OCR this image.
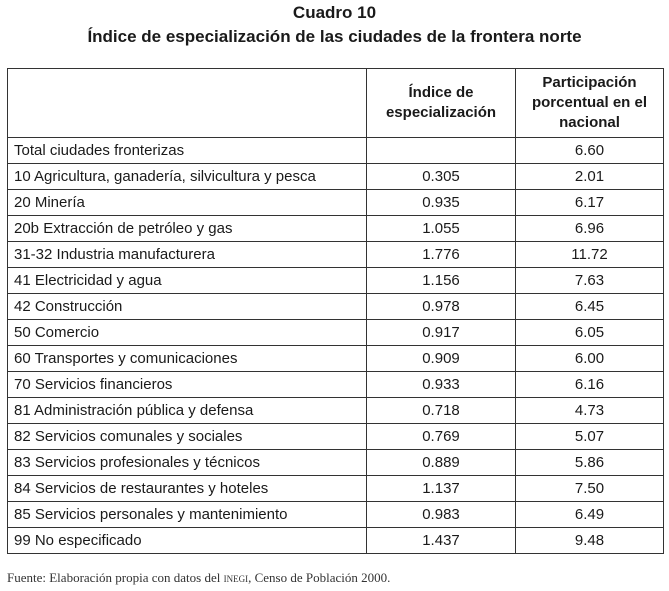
Cuadro 10
Índice de especialización de las ciudades de la frontera norte
	Índice de especialización	Participación porcentual en el nacional
Total ciudades fronterizas		6.60
10 Agricultura, ganadería, silvicultura y pesca	0.305	2.01
20 Minería	0.935	6.17
20b Extracción de petróleo y gas	1.055	6.96
31-32 Industria manufacturera	1.776	11.72
41 Electricidad y agua	1.156	7.63
42 Construcción	0.978	6.45
50 Comercio	0.917	6.05
60 Transportes y comunicaciones	0.909	6.00
70 Servicios financieros	0.933	6.16
81 Administración pública y defensa	0.718	4.73
82 Servicios comunales y sociales	0.769	5.07
83 Servicios profesionales y técnicos	0.889	5.86
84 Servicios de restaurantes y hoteles	1.137	7.50
85 Servicios personales y mantenimiento	0.983	6.49
99 No especificado	1.437	9.48
Fuente: Elaboración propia con datos del inegi, Censo de Población 2000.
